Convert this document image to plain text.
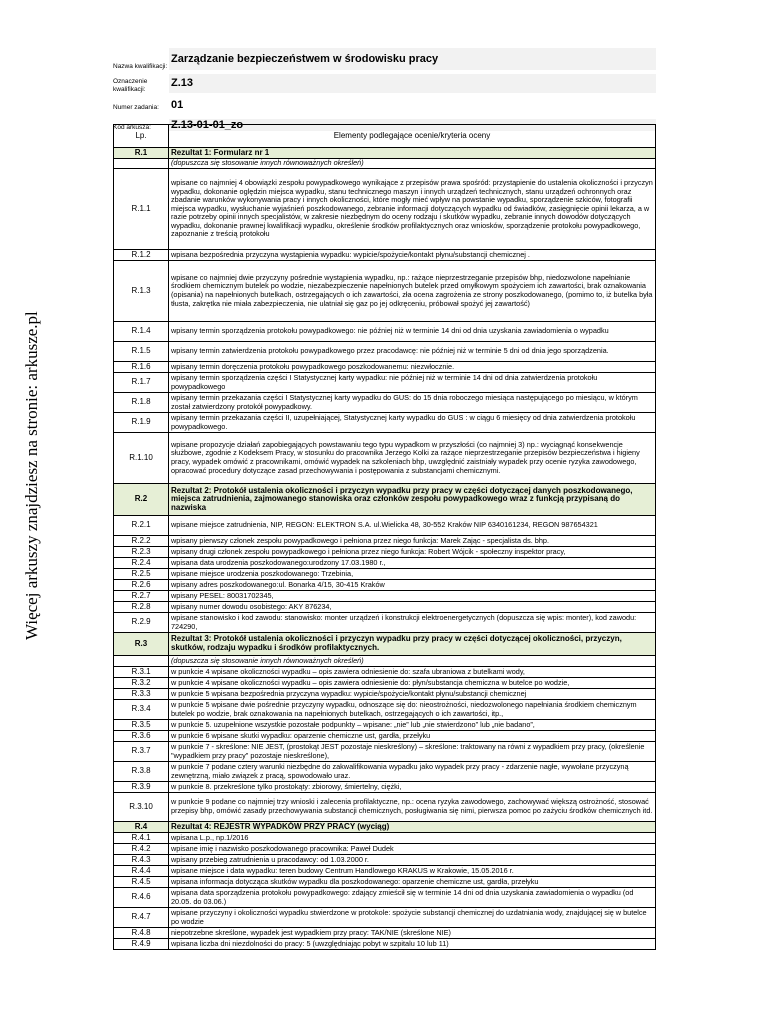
Więcej arkuszy znajdziesz na stronie: arkusze.pl
Nazwa kwalifikacji:
Zarządzanie bezpieczeństwem w środowisku pracy
Oznaczenie kwalifikacji:	Z.13
Numer zadania:	01
Kod arkusza:	Z.13-01-01_zo
Lp.	Elementy podlegające ocenie/kryteria oceny
R.1	Rezultat 1: Formularz nr 1
	(dopuszcza się stosowanie innych równoważnych określeń)
R.1.1	wpisane co najmniej 4 obowiązki zespołu powypadkowego wynikające z przepisów prawa spośród: przystąpienie do ustalenia okoliczności i przyczyn wypadku, dokonanie oględzin miejsca wypadku, stanu technicznego maszyn i innych urządzeń technicznych, stanu urządzeń ochronnych oraz zbadanie warunków wykonywania pracy i innych okoliczności, które mogły mieć wpływ na powstanie wypadku, sporządzenie szkiców, fotografii miejsca wypadku, wysłuchanie wyjaśnień poszkodowanego, zebranie informacji dotyczących wypadku od świadków, zasięgnięcie opinii lekarza, a w razie potrzeby opinii innych specjalistów, w zakresie niezbędnym do oceny rodzaju i skutków wypadku, zebranie innych dowodów dotyczących wypadku, dokonanie prawnej kwalifikacji wypadku, określenie środków profilaktycznych oraz wniosków, sporządzenie protokołu powypadkowego, zapoznanie z treścią protokołu
R.1.2	wpisana bezpośrednia przyczyna wystąpienia wypadku: wypicie/spożycie/kontakt płynu/substancji chemicznej .
R.1.3	wpisane co najmniej dwie przyczyny pośrednie wystąpienia wypadku, np.: rażące nieprzestrzeganie przepisów bhp, niedozwolone napełnianie środkiem chemicznym butelek po wodzie, niezabezpieczenie napełnionych butelek przed omyłkowym spożyciem ich zawartości, brak oznakowania (opisania) na napełnionych butelkach, ostrzegających o ich zawartości, zła ocena zagrożenia ze strony poszkodowanego, (pomimo to, iż butelka była tłusta, zakrętka nie miała zabezpieczenia, nie ulatniał się gaz po jej odkręceniu, próbował spożyć jej zawartość)
R.1.4	wpisany termin sporządzenia protokołu powypadkowego: nie później niż w terminie 14 dni od dnia uzyskania zawiadomienia o wypadku
R.1.5	wpisany termin zatwierdzenia protokołu powypadkowego przez pracodawcę: nie później niż w terminie 5 dni od dnia jego sporządzenia.
R.1.6	wpisany termin doręczenia protokołu powypadkowego poszkodowanemu: niezwłocznie.
R.1.7	wpisany termin sporządzenia części I Statystycznej karty wypadku: nie później niż w terminie 14 dni od dnia zatwierdzenia protokołu powypadkowego
R.1.8	wpisany termin przekazania części I Statystycznej karty wypadku do GUS: do 15 dnia roboczego miesiąca następującego po miesiącu, w którym został zatwierdzony protokół powypadkowy.
R.1.9	wpisany termin przekazania części II, uzupełniającej, Statystycznej karty wypadku do GUS : w ciągu 6 miesięcy od dnia zatwierdzenia protokołu powypadkowego.
R.1.10	wpisane propozycje działań zapobiegających powstawaniu tego typu wypadkom w przyszłości (co najmniej 3) np.: wyciągnąć konsekwencje służbowe, zgodnie z Kodeksem Pracy, w stosunku do pracownika Jerzego Kolki za rażące nieprzestrzeganie przepisów bezpieczeństwa i higieny pracy, wypadek omówić z pracownikami, omówić wypadek na szkoleniach bhp, uwzględnić zaistniały wypadek przy ocenie ryzyka zawodowego, opracować procedury dotyczące zasad przechowywania i postępowania z substancjami chemicznymi.
R.2	Rezultat 2: Protokół ustalenia okoliczności i przyczyn wypadku przy pracy w części dotyczącej danych poszkodowanego, miejsca zatrudnienia, zajmowanego stanowiska oraz członków zespołu powypadkowego wraz z funkcją przypisaną do nazwiska
R.2.1	wpisane miejsce zatrudnienia, NIP, REGON: ELEKTRON S.A. ul.Wielicka 48, 30-552 Kraków NIP 6340161234, REGON 987654321
R.2.2	wpisany pierwszy członek zespołu powypadkowego i pełniona przez niego funkcja: Marek Zając - specjalista ds. bhp.
R.2.3	wpisany drugi członek zespołu powypadkowego i pełniona przez niego funkcja: Robert Wójcik - społeczny inspektor pracy,
R.2.4	wpisana data urodzenia poszkodowanego:urodzony 17.03.1980 r.,
R.2.5	wpisane miejsce urodzenia poszkodowanego: Trzebinia,
R.2.6	wpisany adres poszkodowanego:ul. Bonarka 4/15, 30-415 Kraków
R.2.7	wpisany PESEL: 80031702345,
R.2.8	wpisany numer dowodu osobistego: AKY 876234,
R.2.9	wpisane stanowisko i kod zawodu: stanowisko: monter urządzeń i konstrukcji elektroenergetycznych (dopuszcza się wpis: monter), kod zawodu: 724290,
R.3	Rezultat 3: Protokół ustalenia okoliczności i przyczyn wypadku przy pracy w części dotyczącej okoliczności, przyczyn, skutków, rodzaju wypadku i środków profilaktycznych.
	(dopuszcza się stosowanie innych równoważnych określeń)
R.3.1	w punkcie 4 wpisane okoliczności wypadku – opis zawiera odniesienie do: szafa ubraniowa z butelkami wody,
R.3.2	w punkcie 4 wpisane okoliczności wypadku – opis zawiera odniesienie do: płyn/substancja chemiczna w butelce po wodzie,
R.3.3	w punkcie 5 wpisana bezpośrednia przyczyna wypadku: wypicie/spożycie/kontakt płynu/substancji chemicznej
R.3.4	w punkcie 5 wpisane dwie pośrednie przyczyny wypadku, odnoszące się do: nieostrożności, niedozwolonego napełniania środkiem chemicznym butelek po wodzie, brak oznakowania na napełnionych butelkach, ostrzegających o ich zawartości, itp.,
R.3.5	w punkcie 5. uzupełnione wszystkie pozostałe podpunkty – wpisane: „nie” lub „nie stwierdzono” lub „nie badano”,
R.3.6	w punkcie 6 wpisane skutki wypadku: oparzenie chemiczne ust, gardła, przełyku
R.3.7	w punkcie 7 - skreślone: NIE JEST, (prostokąt JEST pozostaje nieskreślony) – skreślone: traktowany na równi z wypadkiem przy pracy, (określenie "wypadkiem przy pracy" pozostaje nieskreślone),
R.3.8	w punkcie 7 podane cztery warunki niezbędne do zakwalifikowania wypadku jako wypadek przy pracy - zdarzenie nagłe, wywołane przyczyną zewnętrzną, miało związek z pracą, spowodowało uraz.
R.3.9	w punkcie 8. przekreślone tylko prostokąty: zbiorowy, śmiertelny, ciężki,
R.3.10	w punkcie 9 podane co najmniej trzy wnioski i zalecenia profilaktyczne, np.: ocena ryzyka zawodowego, zachowywać większą ostrożność, stosować przepisy bhp, omówić zasady przechowywania substancji chemicznych, posługiwania się nimi, pierwsza pomoc po zażyciu środków chemicznych itd.
R.4	Rezultat 4: REJESTR WYPADKÓW PRZY PRACY (wyciąg)
R.4.1	wpisana L.p., np.1/2016
R.4.2	wpisane imię i nazwisko poszkodowanego pracownika: Paweł Dudek
R.4.3	wpisany przebieg zatrudnienia u pracodawcy: od 1.03.2000 r.
R.4.4	wpisane miejsce i data wypadku: teren budowy Centrum Handlowego KRAKUS w Krakowie, 15.05.2016 r.
R.4.5	wpisana informacja dotycząca skutków wypadku dla poszkodowanego: oparzenie chemiczne ust, gardła, przełyku
R.4.6	wpisana data sporządzenia protokołu powypadkowego: zdający zmieścił się w terminie 14 dni od dnia uzyskania zawiadomienia o wypadku (od 20.05. do 03.06.)
R.4.7	wpisane przyczyny i okoliczności wypadku stwierdzone w protokole: spożycie substancji chemicznej do uzdatniania wody, znajdującej się w butelce po wodzie
R.4.8	niepotrzebne skreślone, wypadek jest wypadkiem przy pracy: TAK/NIE (skreślone NIE)
R.4.9	wpisana liczba dni niezdolności do pracy: 5 (uwzględniając pobyt w szpitalu 10 lub 11)
